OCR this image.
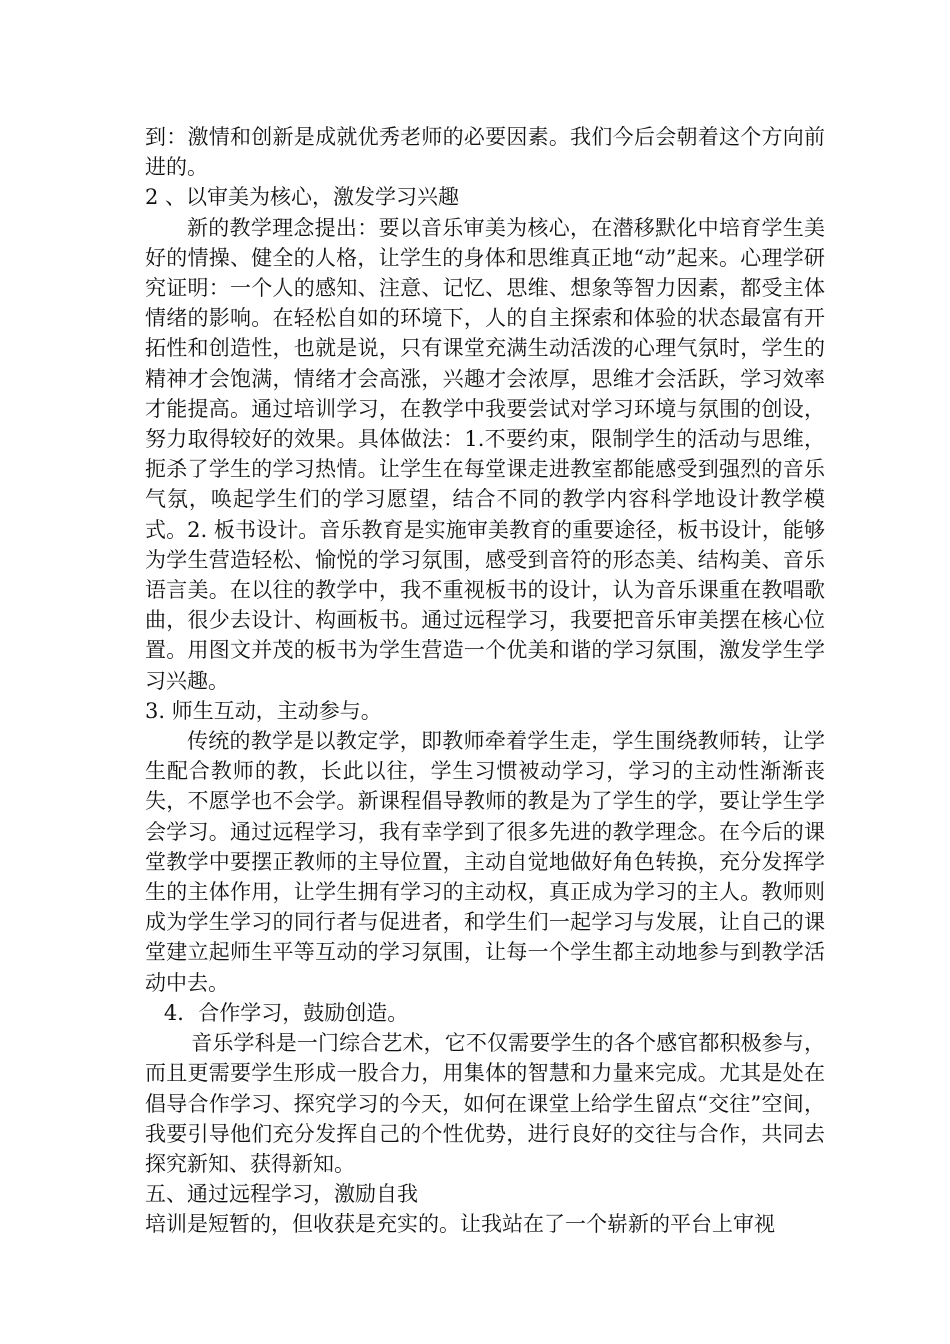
到：激情和创新是成就优秀老师的必要因素。我们今后会朝着这个方向前进的。

2 、以审美为核心，激发学习兴趣

新的教学理念提出：要以音乐审美为核心，在潜移默化中培育学生美好的情操、健全的人格，让学生的身体和思维真正地“动”起来。心理学研究证明：一个人的感知、注意、记忆、思维、想象等智力因素，都受主体情绪的影响。在轻松自如的环境下，人的自主探索和体验的状态最富有开拓性和创造性，也就是说，只有课堂充满生动活泼的心理气氛时，学生的精神才会饱满，情绪才会高涨，兴趣才会浓厚，思维才会活跃，学习效率才能提高。通过培训学习，在教学中我要尝试对学习环境与氛围的创设，努力取得较好的效果。具体做法：1.不要约束，限制学生的活动与思维，扼杀了学生的学习热情。让学生在每堂课走进教室都能感受到强烈的音乐气氛，唤起学生们的学习愿望，结合不同的教学内容科学地设计教学模式。2. 板书设计。音乐教育是实施审美教育的重要途径，板书设计，能够为学生营造轻松、愉悦的学习氛围，感受到音符的形态美、结构美、音乐语言美。在以往的教学中，我不重视板书的设计，认为音乐课重在教唱歌曲，很少去设计、构画板书。通过远程学习，我要把音乐审美摆在核心位置。用图文并茂的板书为学生营造一个优美和谐的学习氛围，激发学生学习兴趣。

3. 师生互动，主动参与。

传统的教学是以教定学，即教师牵着学生走，学生围绕教师转，让学生配合教师的教，长此以往，学生习惯被动学习，学习的主动性渐渐丧失，不愿学也不会学。新课程倡导教师的教是为了学生的学，要让学生学会学习。通过远程学习，我有幸学到了很多先进的教学理念。在今后的课堂教学中要摆正教师的主导位置，主动自觉地做好角色转换，充分发挥学生的主体作用，让学生拥有学习的主动权，真正成为学习的主人。教师则成为学生学习的同行者与促进者，和学生们一起学习与发展，让自己的课堂建立起师生平等互动的学习氛围，让每一个学生都主动地参与到教学活动中去。

4．合作学习，鼓励创造。

音乐学科是一门综合艺术，它不仅需要学生的各个感官都积极参与，而且更需要学生形成一股合力，用集体的智慧和力量来完成。尤其是处在倡导合作学习、探究学习的今天，如何在课堂上给学生留点“交往”空间，我要引导他们充分发挥自己的个性优势，进行良好的交往与合作，共同去探究新知、获得新知。

五、通过远程学习，激励自我

培训是短暂的，但收获是充实的。让我站在了一个崭新的平台上审视
